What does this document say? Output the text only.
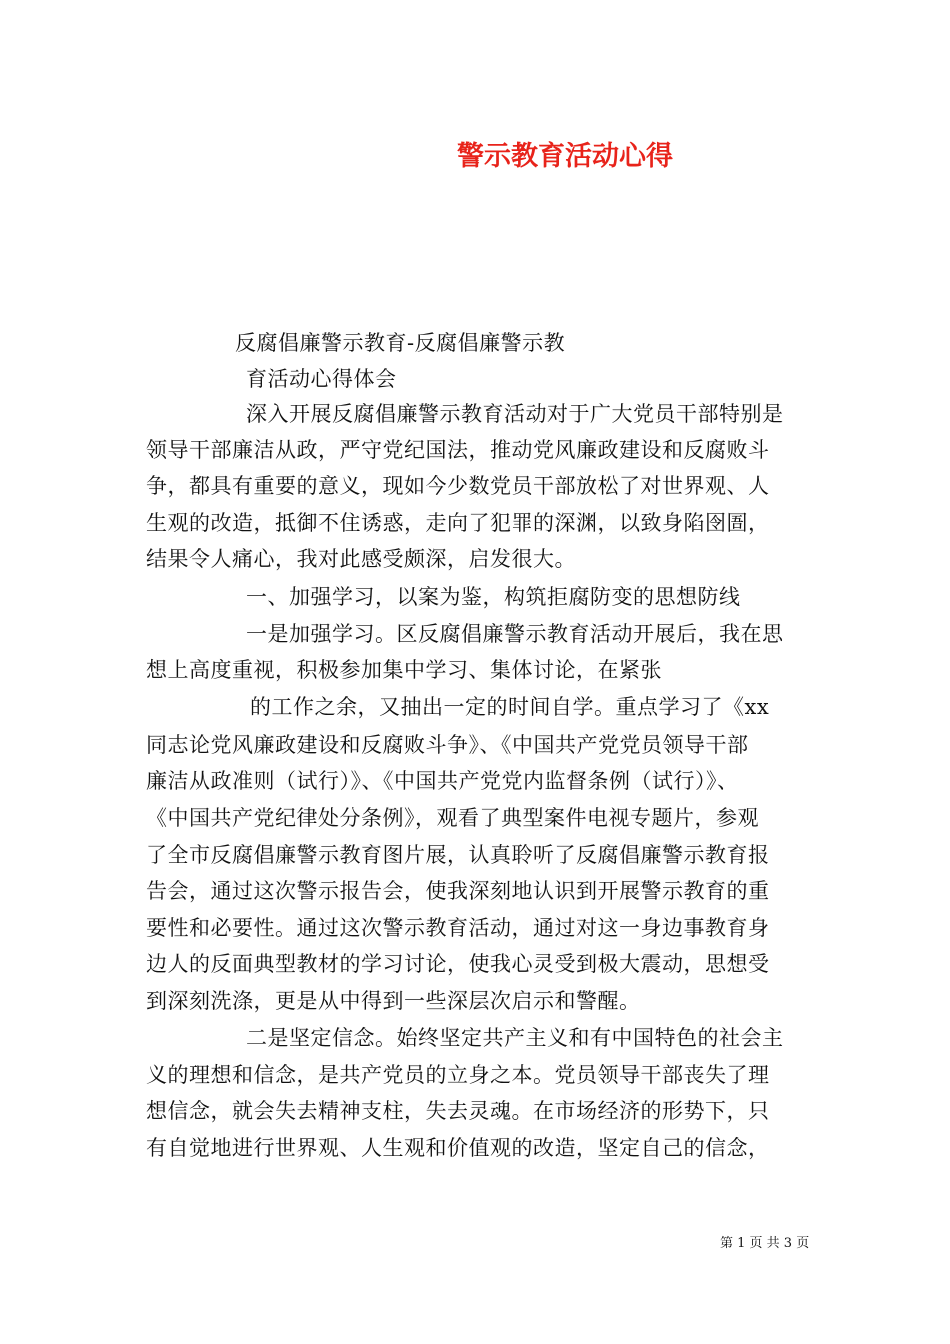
警示教育活动心得
反腐倡廉警示教育-反腐倡廉警示教
育活动心得体会
深入开展反腐倡廉警示教育活动对于广大党员干部特别是
领导干部廉洁从政，严守党纪国法，推动党风廉政建设和反腐败斗
争，都具有重要的意义，现如今少数党员干部放松了对世界观、人
生观的改造，抵御不住诱惑，走向了犯罪的深渊，以致身陷囹圄，
结果令人痛心，我对此感受颇深，启发很大。
一、加强学习，以案为鉴，构筑拒腐防变的思想防线
一是加强学习。区反腐倡廉警示教育活动开展后，我在思
想上高度重视，积极参加集中学习、集体讨论，在紧张
的工作之余，又抽出一定的时间自学。重点学习了《xx
同志论党风廉政建设和反腐败斗争》、《中国共产党党员领导干部
廉洁从政准则（试行）》、《中国共产党党内监督条例（试行）》、
《中国共产党纪律处分条例》，观看了典型案件电视专题片，参观
了全市反腐倡廉警示教育图片展，认真聆听了反腐倡廉警示教育报
告会，通过这次警示报告会，使我深刻地认识到开展警示教育的重
要性和必要性。通过这次警示教育活动，通过对这一身边事教育身
边人的反面典型教材的学习讨论，使我心灵受到极大震动，思想受
到深刻洗涤，更是从中得到一些深层次启示和警醒。
二是坚定信念。始终坚定共产主义和有中国特色的社会主
义的理想和信念，是共产党员的立身之本。党员领导干部丧失了理
想信念，就会失去精神支柱，失去灵魂。在市场经济的形势下，只
有自觉地进行世界观、人生观和价值观的改造，坚定自己的信念，
第 1 页 共 3 页
